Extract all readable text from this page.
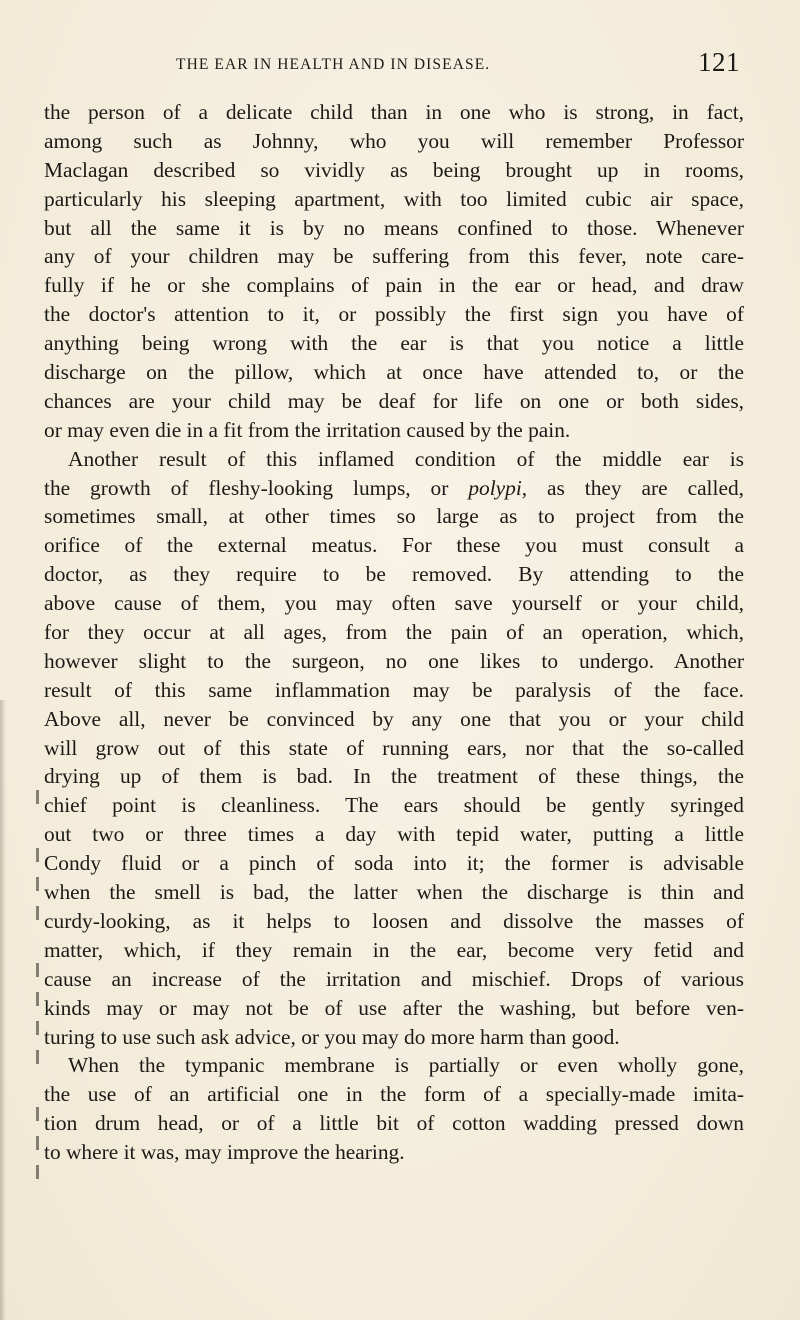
THE EAR IN HEALTH AND IN DISEASE.	121
the person of a delicate child than in one who is strong, in fact,
among such as Johnny, who you will remember Professor
Maclagan described so vividly as being brought up in rooms,
particularly his sleeping apartment, with too limited cubic air space,
but all the same it is by no means confined to those. Whenever
any of your children may be suffering from this fever, note care-
fully if he or she complains of pain in the ear or head, and draw
the doctor's attention to it, or possibly the first sign you have of
anything being wrong with the ear is that you notice a little
discharge on the pillow, which at once have attended to, or the
chances are your child may be deaf for life on one or both sides,
or may even die in a fit from the irritation caused by the pain.
Another result of this inflamed condition of the middle ear is
the growth of fleshy-looking lumps, or polypi, as they are called,
sometimes small, at other times so large as to project from the
orifice of the external meatus. For these you must consult a
doctor, as they require to be removed. By attending to the
above cause of them, you may often save yourself or your child,
for they occur at all ages, from the pain of an operation, which,
however slight to the surgeon, no one likes to undergo. Another
result of this same inflammation may be paralysis of the face.
Above all, never be convinced by any one that you or your child
will grow out of this state of running ears, nor that the so-called
drying up of them is bad. In the treatment of these things, the
chief point is cleanliness. The ears should be gently syringed
out two or three times a day with tepid water, putting a little
Condy fluid or a pinch of soda into it; the former is advisable
when the smell is bad, the latter when the discharge is thin and
curdy-looking, as it helps to loosen and dissolve the masses of
matter, which, if they remain in the ear, become very fetid and
cause an increase of the irritation and mischief. Drops of various
kinds may or may not be of use after the washing, but before ven-
turing to use such ask advice, or you may do more harm than good.
When the tympanic membrane is partially or even wholly gone,
the use of an artificial one in the form of a specially-made imita-
tion drum head, or of a little bit of cotton wadding pressed down
to where it was, may improve the hearing.
